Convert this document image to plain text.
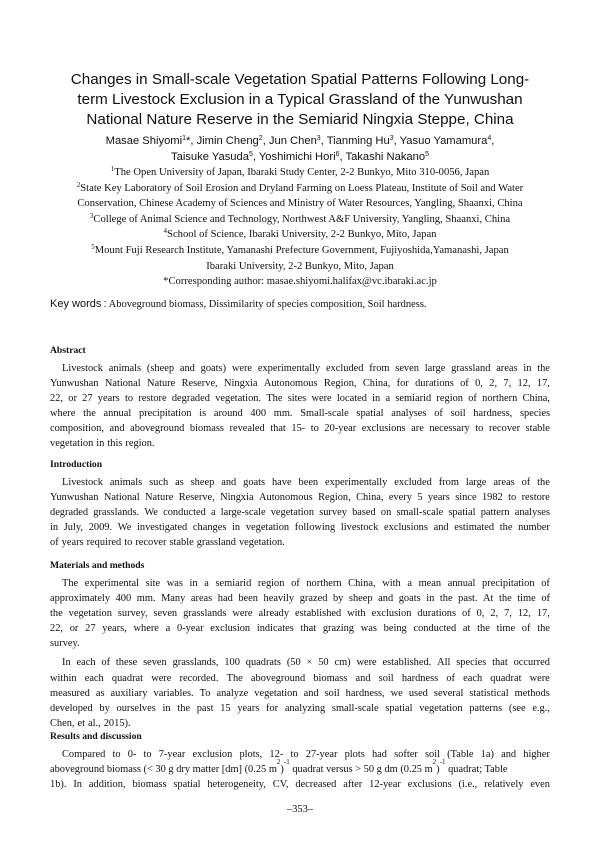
Changes in Small-scale Vegetation Spatial Patterns Following Long-
term Livestock Exclusion in a Typical Grassland of the Yunwushan
National Nature Reserve in the Semiarid Ningxia Steppe, China
Masae Shiyomi$^1$*, Jimin Cheng$^2$, Jun Chen$^3$, Tianming Hu$^3$, Yasuo Yamamura$^4$,
Taisuke Yasuda$^5$, Yoshimichi Hori$^6$, Takashi Nakano$^5$
$^1$The Open University of Japan, Ibaraki Study Center, 2-2 Bunkyo, Mito 310-0056, Japan
$^2$State Key Laboratory of Soil Erosion and Dryland Farming on Loess Plateau, Institute of Soil and Water
Conservation, Chinese Academy of Sciences and Ministry of Water Resources, Yangling, Shaanxi, China
$^3$College of Animal Science and Technology, Northwest A&F University, Yangling, Shaanxi, China
$^4$School of Science, Ibaraki University, 2-2 Bunkyo, Mito, Japan
$^5$Mount Fuji Research Institute, Yamanashi Prefecture Government, Fujiyoshida,Yamanashi, Japan
Ibaraki University, 2-2 Bunkyo, Mito, Japan
*Corresponding author: masae.shiyomi.halifax@vc.ibaraki.ac.jp
Key words : Aboveground biomass, Dissimilarity of species composition, Soil hardness.
Abstract
Livestock animals (sheep and goats) were experimentally excluded from seven large grassland areas in the
Yunwushan National Nature Reserve, Ningxia Autonomous Region, China, for durations of 0, 2, 7, 12, 17,
22, or 27 years to restore degraded vegetation. The sites were located in a semiarid region of northern China,
where the annual precipitation is around 400 mm. Small-scale spatial analyses of soil hardness, species
composition, and aboveground biomass revealed that 15- to 20-year exclusions are necessary to recover stable
vegetation in this region.
Introduction
Livestock animals such as sheep and goats have been experimentally excluded from large areas of the
Yunwushan National Nature Reserve, Ningxia Autonomous Region, China, every 5 years since 1982 to restore
degraded grasslands. We conducted a large-scale vegetation survey based on small-scale spatial pattern analyses
in July, 2009. We investigated changes in vegetation following livestock exclusions and estimated the number
of years required to recover stable grassland vegetation.
Materials and methods
The experimental site was in a semiarid region of northern China, with a mean annual precipitation of
approximately 400 mm. Many areas had been heavily grazed by sheep and goats in the past. At the time of
the vegetation survey, seven grasslands were already established with exclusion durations of 0, 2, 7, 12, 17,
22, or 27 years, where a 0-year exclusion indicates that grazing was being conducted at the time of the
survey.
In each of these seven grasslands, 100 quadrats (50 × 50 cm) were established. All species that occurred
within each quadrat were recorded. The aboveground biomass and soil hardness of each quadrat were
measured as auxiliary variables. To analyze vegetation and soil hardness, we used several statistical methods
developed by ourselves in the past 15 years for analyzing small-scale spatial vegetation patterns (see e.g.,
Chen, et al., 2015).
Results and discussion
Compared to 0- to 7-year exclusion plots, 12- to 27-year plots had softer soil (Table 1a) and higher
aboveground biomass (< 30 g dry matter [dm] (0.25 m
2
)
-1
quadrat versus > 50 g dm (0.25 m
2
)
-1
quadrat; Table
1b). In addition, biomass spatial heterogeneity, CV, decreased after 12-year exclusions (i.e., relatively even
–353–
